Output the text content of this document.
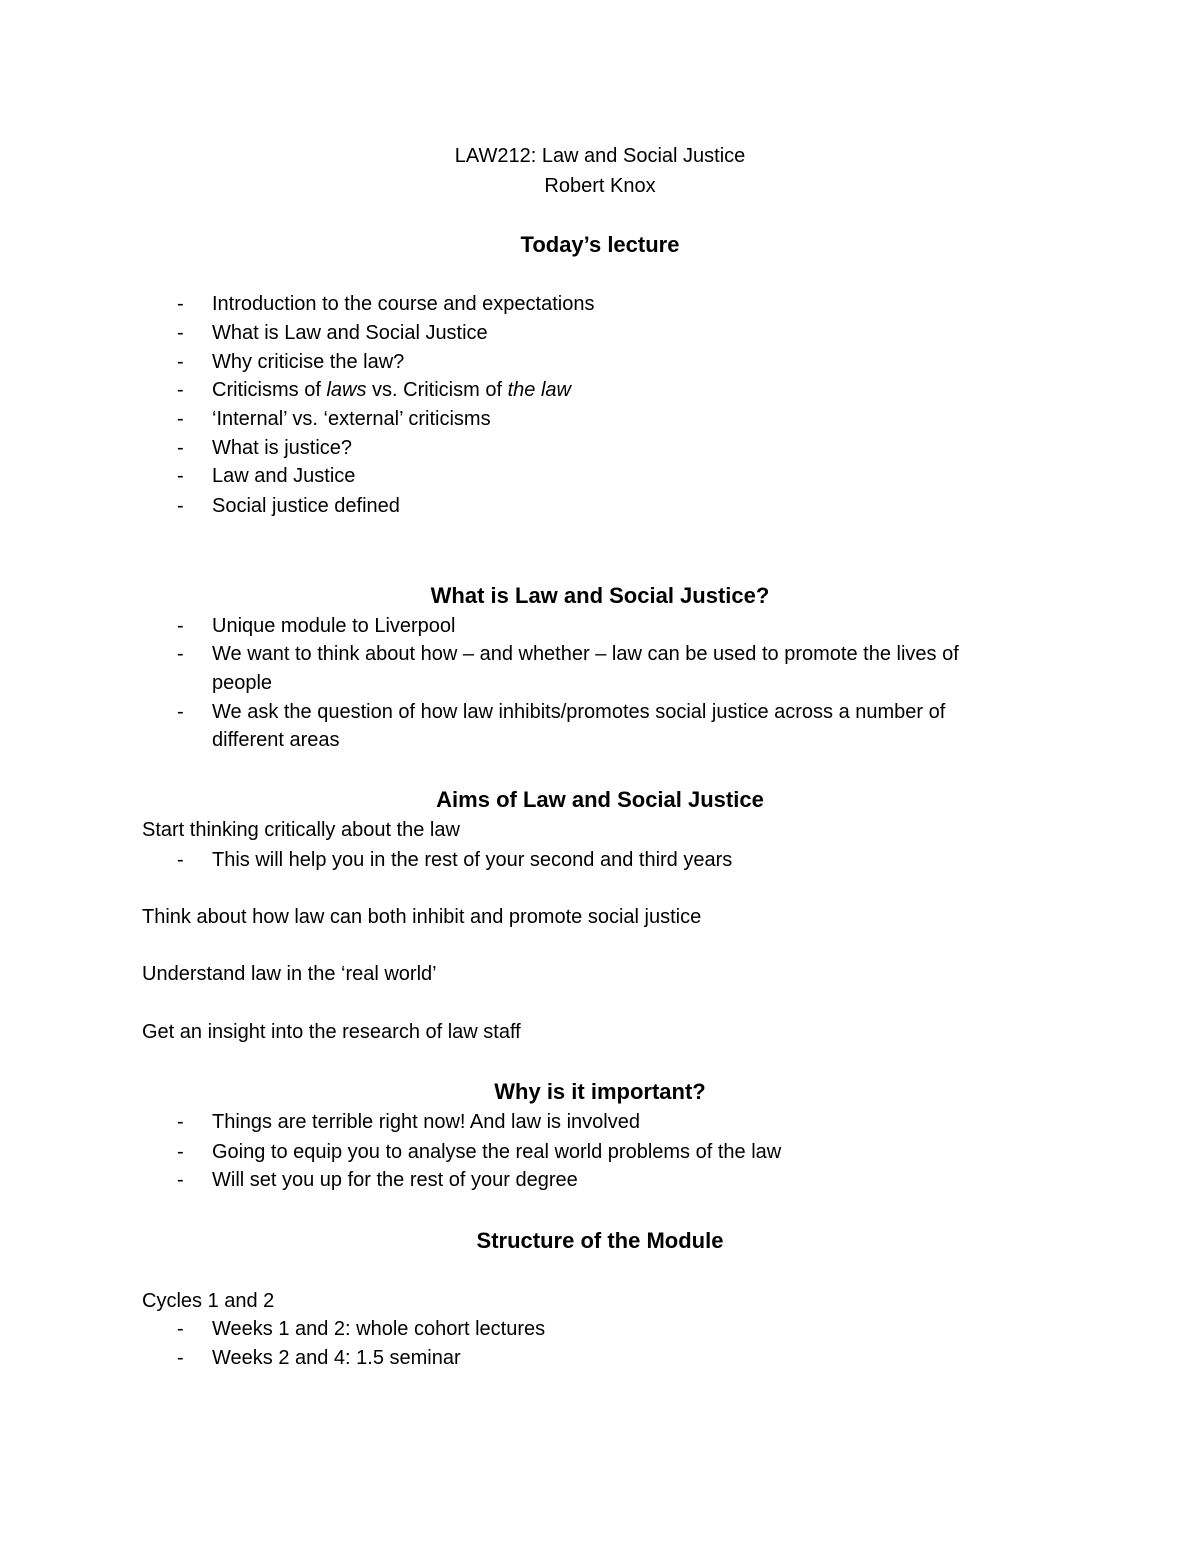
LAW212: Law and Social Justice
Robert Knox
Today’s lecture
- Introduction to the course and expectations
- What is Law and Social Justice
- Why criticise the law?
- Criticisms of laws vs. Criticism of the law
- ‘Internal’ vs. ‘external’ criticisms
- What is justice?
- Law and Justice
- Social justice defined
What is Law and Social Justice?
- Unique module to Liverpool
- We want to think about how – and whether – law can be used to promote the lives of
people
- We ask the question of how law inhibits/promotes social justice across a number of
different areas
Aims of Law and Social Justice
Start thinking critically about the law
- This will help you in the rest of your second and third years
Think about how law can both inhibit and promote social justice
Understand law in the ‘real world’
Get an insight into the research of law staff
Why is it important?
- Things are terrible right now! And law is involved
- Going to equip you to analyse the real world problems of the law
- Will set you up for the rest of your degree
Structure of the Module
Cycles 1 and 2
- Weeks 1 and 2: whole cohort lectures
- Weeks 2 and 4: 1.5 seminar
